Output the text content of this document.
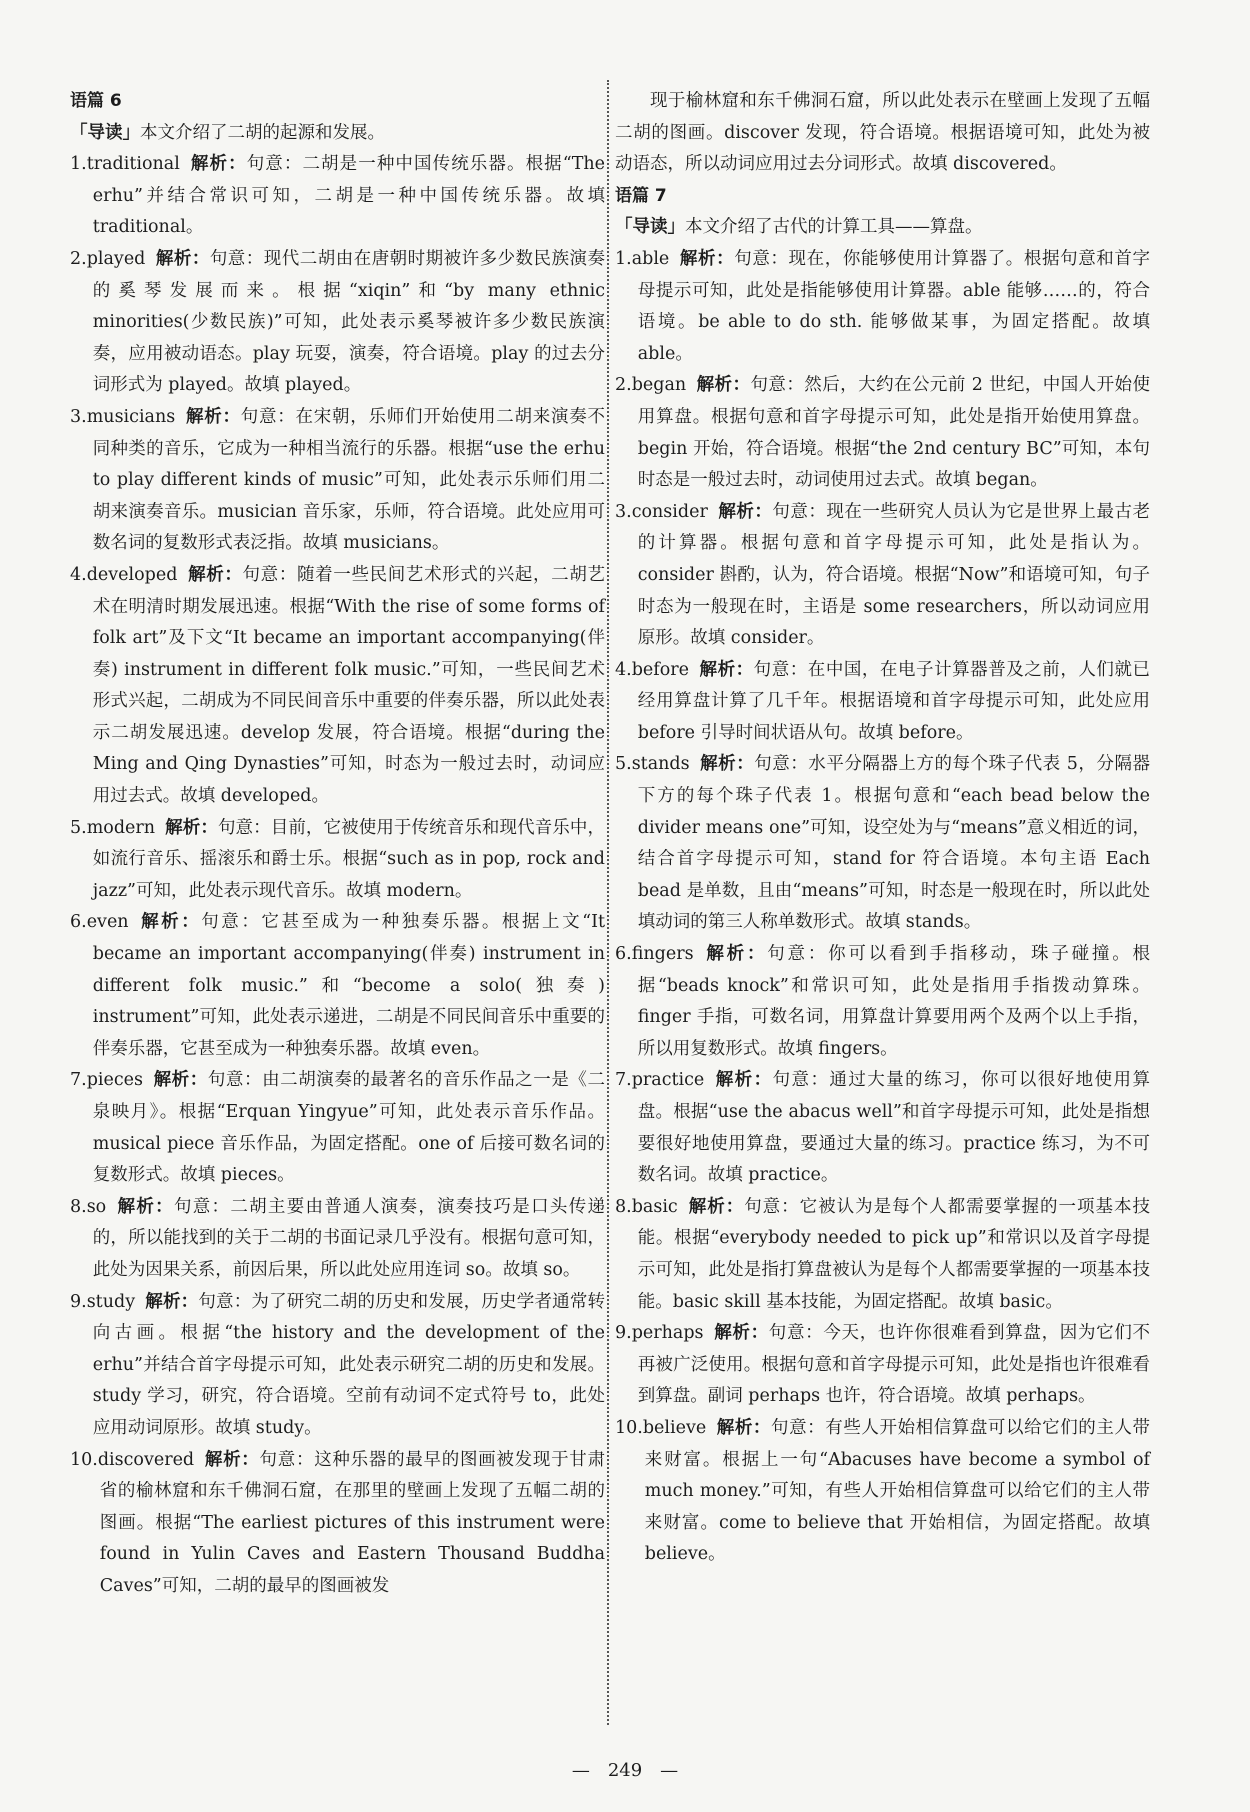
语篇 6

「导读」本文介绍了二胡的起源和发展。

1.traditional 解析：句意：二胡是一种中国传统乐器。根据“The erhu”并结合常识可知，二胡是一种中国传统乐器。故填 traditional。

2.played 解析：句意：现代二胡由在唐朝时期被许多少数民族演奏的奚琴发展而来。根据“xiqin”和“by many ethnic minorities(少数民族)”可知，此处表示奚琴被许多少数民族演奏，应用被动语态。play 玩耍，演奏，符合语境。play 的过去分词形式为 played。故填 played。

3.musicians 解析：句意：在宋朝，乐师们开始使用二胡来演奏不同种类的音乐，它成为一种相当流行的乐器。根据“use the erhu to play different kinds of music”可知，此处表示乐师们用二胡来演奏音乐。musician 音乐家，乐师，符合语境。此处应用可数名词的复数形式表泛指。故填 musicians。

4.developed 解析：句意：随着一些民间艺术形式的兴起，二胡艺术在明清时期发展迅速。根据“With the rise of some forms of folk art”及下文“It became an important accompanying(伴奏) instrument in different folk music.”可知，一些民间艺术形式兴起，二胡成为不同民间音乐中重要的伴奏乐器，所以此处表示二胡发展迅速。develop 发展，符合语境。根据“during the Ming and Qing Dynasties”可知，时态为一般过去时，动词应用过去式。故填 developed。

5.modern 解析：句意：目前，它被使用于传统音乐和现代音乐中，如流行音乐、摇滚乐和爵士乐。根据“such as in pop, rock and jazz”可知，此处表示现代音乐。故填 modern。

6.even 解析：句意：它甚至成为一种独奏乐器。根据上文“It became an important accompanying(伴奏) instrument in different folk music.”和“become a solo(独奏) instrument”可知，此处表示递进，二胡是不同民间音乐中重要的伴奏乐器，它甚至成为一种独奏乐器。故填 even。

7.pieces 解析：句意：由二胡演奏的最著名的音乐作品之一是《二泉映月》。根据“Erquan Yingyue”可知，此处表示音乐作品。musical piece 音乐作品，为固定搭配。one of 后接可数名词的复数形式。故填 pieces。

8.so 解析：句意：二胡主要由普通人演奏，演奏技巧是口头传递的，所以能找到的关于二胡的书面记录几乎没有。根据句意可知，此处为因果关系，前因后果，所以此处应用连词 so。故填 so。

9.study 解析：句意：为了研究二胡的历史和发展，历史学者通常转向古画。根据“the history and the development of the erhu”并结合首字母提示可知，此处表示研究二胡的历史和发展。study 学习，研究，符合语境。空前有动词不定式符号 to，此处应用动词原形。故填 study。

10.discovered 解析：句意：这种乐器的最早的图画被发现于甘肃省的榆林窟和东千佛洞石窟，在那里的壁画上发现了五幅二胡的图画。根据“The earliest pictures of this instrument were found in Yulin Caves and Eastern Thousand Buddha Caves”可知，二胡的最早的图画被发

现于榆林窟和东千佛洞石窟，所以此处表示在壁画上发现了五幅二胡的图画。discover 发现，符合语境。根据语境可知，此处为被动语态，所以动词应用过去分词形式。故填 discovered。

语篇 7

「导读」本文介绍了古代的计算工具——算盘。

1.able 解析：句意：现在，你能够使用计算器了。根据句意和首字母提示可知，此处是指能够使用计算器。able 能够……的，符合语境。be able to do sth. 能够做某事，为固定搭配。故填 able。

2.began 解析：句意：然后，大约在公元前 2 世纪，中国人开始使用算盘。根据句意和首字母提示可知，此处是指开始使用算盘。begin 开始，符合语境。根据“the 2nd century BC”可知，本句时态是一般过去时，动词使用过去式。故填 began。

3.consider 解析：句意：现在一些研究人员认为它是世界上最古老的计算器。根据句意和首字母提示可知，此处是指认为。consider 斟酌，认为，符合语境。根据“Now”和语境可知，句子时态为一般现在时，主语是 some researchers，所以动词应用原形。故填 consider。

4.before 解析：句意：在中国，在电子计算器普及之前，人们就已经用算盘计算了几千年。根据语境和首字母提示可知，此处应用 before 引导时间状语从句。故填 before。

5.stands 解析：句意：水平分隔器上方的每个珠子代表 5，分隔器下方的每个珠子代表 1。根据句意和“each bead below the divider means one”可知，设空处为与“means”意义相近的词，结合首字母提示可知，stand for 符合语境。本句主语 Each bead 是单数，且由“means”可知，时态是一般现在时，所以此处填动词的第三人称单数形式。故填 stands。

6.fingers 解析：句意：你可以看到手指移动，珠子碰撞。根据“beads knock”和常识可知，此处是指用手指拨动算珠。finger 手指，可数名词，用算盘计算要用两个及两个以上手指，所以用复数形式。故填 fingers。

7.practice 解析：句意：通过大量的练习，你可以很好地使用算盘。根据“use the abacus well”和首字母提示可知，此处是指想要很好地使用算盘，要通过大量的练习。practice 练习，为不可数名词。故填 practice。

8.basic 解析：句意：它被认为是每个人都需要掌握的一项基本技能。根据“everybody needed to pick up”和常识以及首字母提示可知，此处是指打算盘被认为是每个人都需要掌握的一项基本技能。basic skill 基本技能，为固定搭配。故填 basic。

9.perhaps 解析：句意：今天，也许你很难看到算盘，因为它们不再被广泛使用。根据句意和首字母提示可知，此处是指也许很难看到算盘。副词 perhaps 也许，符合语境。故填 perhaps。

10.believe 解析：句意：有些人开始相信算盘可以给它们的主人带来财富。根据上一句“Abacuses have become a symbol of much money.”可知，有些人开始相信算盘可以给它们的主人带来财富。come to believe that 开始相信，为固定搭配。故填 believe。

— 249 —
